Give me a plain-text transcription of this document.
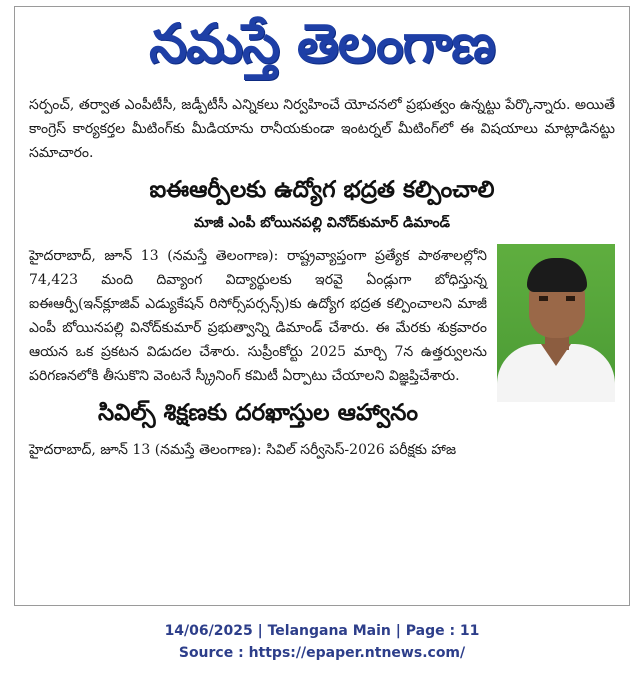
నమస్తే తెలంగాణ

సర్పంచ్, తర్వాత ఎంపీటీసీ, జడ్పీటీసీ ఎన్నికలు నిర్వహించే యోచనలో ప్రభుత్వం ఉన్నట్టు పేర్కొన్నారు. అయితే కాంగ్రెస్ కార్యకర్తల మీటింగ్‌కు మీడియాను రానీయకుండా ఇంటర్నల్ మీటింగ్‌లో ఈ విషయాలు మాట్లాడినట్టు సమాచారం.

ఐఈఆర్పీలకు ఉద్యోగ భద్రత కల్పించాలి
మాజీ ఎంపీ బోయినపల్లి వినోద్‌కుమార్ డిమాండ్

హైదరాబాద్, జూన్ 13 (నమస్తే తెలంగాణ): రాష్ట్రవ్యాప్తంగా ప్రత్యేక పాఠశాలల్లోని 74,423 మంది దివ్యాంగ విద్యార్థులకు ఇరవై ఏండ్లుగా బోధిస్తున్న ఐఈఆర్పీ(ఇన్‌క్లూజివ్ ఎడ్యుకేషన్ రిసోర్స్‌పర్సన్స్)కు ఉద్యోగ భద్రత కల్పించాలని మాజీ ఎంపీ బోయినపల్లి వినోద్‌కుమార్ ప్రభుత్వాన్ని డిమాండ్ చేశారు. ఈ మేరకు శుక్రవారం ఆయన ఒక ప్రకటన విడుదల చేశారు. సుప్రీంకోర్టు 2025 మార్చి 7న ఉత్తర్వులను పరిగణనలోకి తీసుకొని వెంటనే స్క్రీనింగ్ కమిటీ ఏర్పాటు చేయాలని విజ్ఞప్తిచేశారు.

సివిల్స్ శిక్షణకు దరఖాస్తుల ఆహ్వానం

హైదరాబాద్, జూన్ 13 (నమస్తే తెలంగాణ): సివిల్ సర్వీసెస్-2026 పరీక్షకు హాజ

14/06/2025 | Telangana Main | Page : 11
Source : https://epaper.ntnews.com/
